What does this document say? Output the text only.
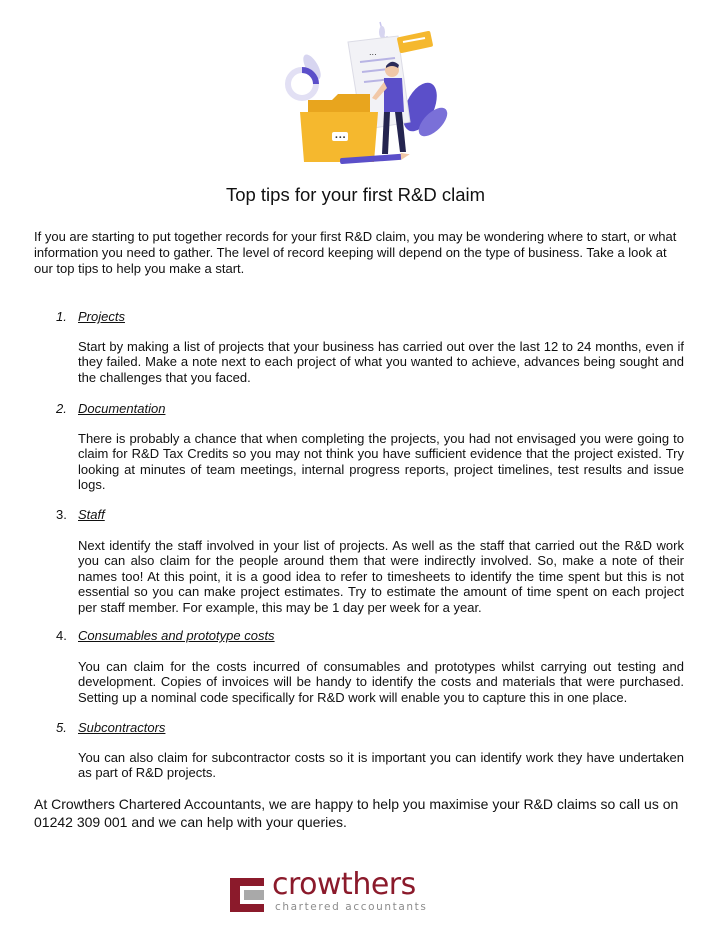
...
•••
Top tips for your first R&D claim

If you are starting to put together records for your first R&D claim, you may be wondering where to start, or what information you need to gather. The level of record keeping will depend on the type of business. Take a look at our top tips to help you make a start.

1. Projects

Start by making a list of projects that your business has carried out over the last 12 to 24 months, even if they failed. Make a note next to each project of what you wanted to achieve, advances being sought and the challenges that you faced.

2. Documentation

There is probably a chance that when completing the projects, you had not envisaged you were going to claim for R&D Tax Credits so you may not think you have sufficient evidence that the project existed. Try looking at minutes of team meetings, internal progress reports, project timelines, test results and issue logs.

3. Staff

Next identify the staff involved in your list of projects. As well as the staff that carried out the R&D work you can also claim for the people around them that were indirectly involved. So, make a note of their names too! At this point, it is a good idea to refer to timesheets to identify the time spent but this is not essential so you can make project estimates. Try to estimate the amount of time spent on each project per staff member. For example, this may be 1 day per week for a year.

4. Consumables and prototype costs

You can claim for the costs incurred of consumables and prototypes whilst carrying out testing and development. Copies of invoices will be handy to identify the costs and materials that were purchased. Setting up a nominal code specifically for R&D work will enable you to capture this in one place.

5. Subcontractors

You can also claim for subcontractor costs so it is important you can identify work they have undertaken as part of R&D projects.

At Crowthers Chartered Accountants, we are happy to help you maximise your R&D claims so call us on 01242 309 001 and we can help with your queries.

crowthers
chartered accountants
